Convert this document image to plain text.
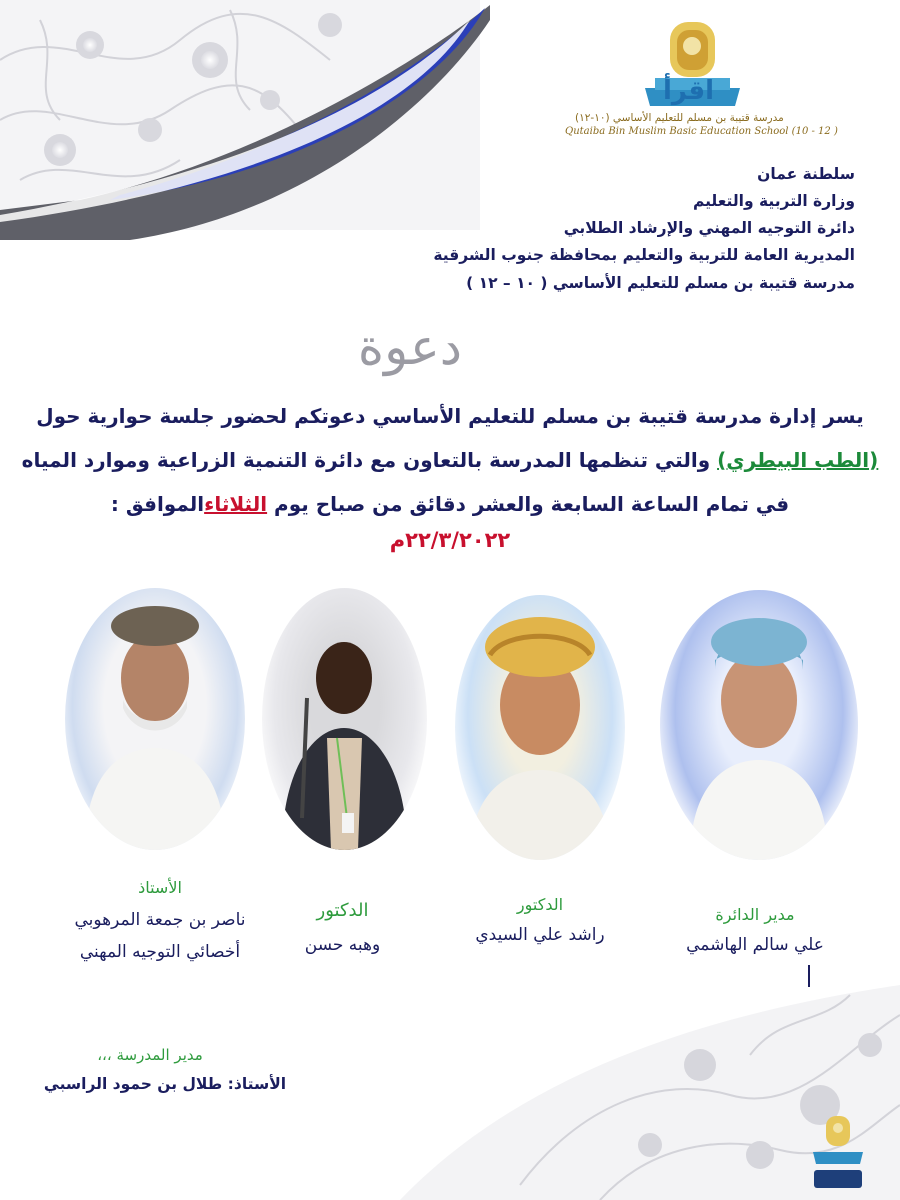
اقرأ
مدرسة قتيبة بن مسلم للتعليم الأساسي (١٠-١٢)
Qutaiba Bin Muslim Basic Education School (10 - 12 )
سلطنة عمان
وزارة التربية والتعليم
دائرة التوجيه المهني والإرشاد الطلابي
المديرية العامة للتربية والتعليم بمحافظة جنوب الشرقية
مدرسة قتيبة بن مسلم للتعليم الأساسي ( ١٠ – ١٢ )
دعوة
يسر إدارة مدرسة قتيبة بن مسلم للتعليم الأساسي دعوتكم لحضور جلسة حوارية حول
(الطب البيطري) والتي تنظمها المدرسة بالتعاون مع دائرة التنمية الزراعية وموارد المياه
في تمام الساعة السابعة والعشر دقائق من صباح يوم الثلاثاءالموافق :
٢٢/٣/٢٠٢٢م
مدير الدائرة
علي سالم الهاشمي
الدكتور
راشد علي السيدي
الدكتور
وهبه حسن
الأستاذ
ناصر بن جمعة المرهوبي
أخصائي التوجيه المهني
مدير المدرسة ،،،
الأستاذ: طلال بن حمود الراسبي
